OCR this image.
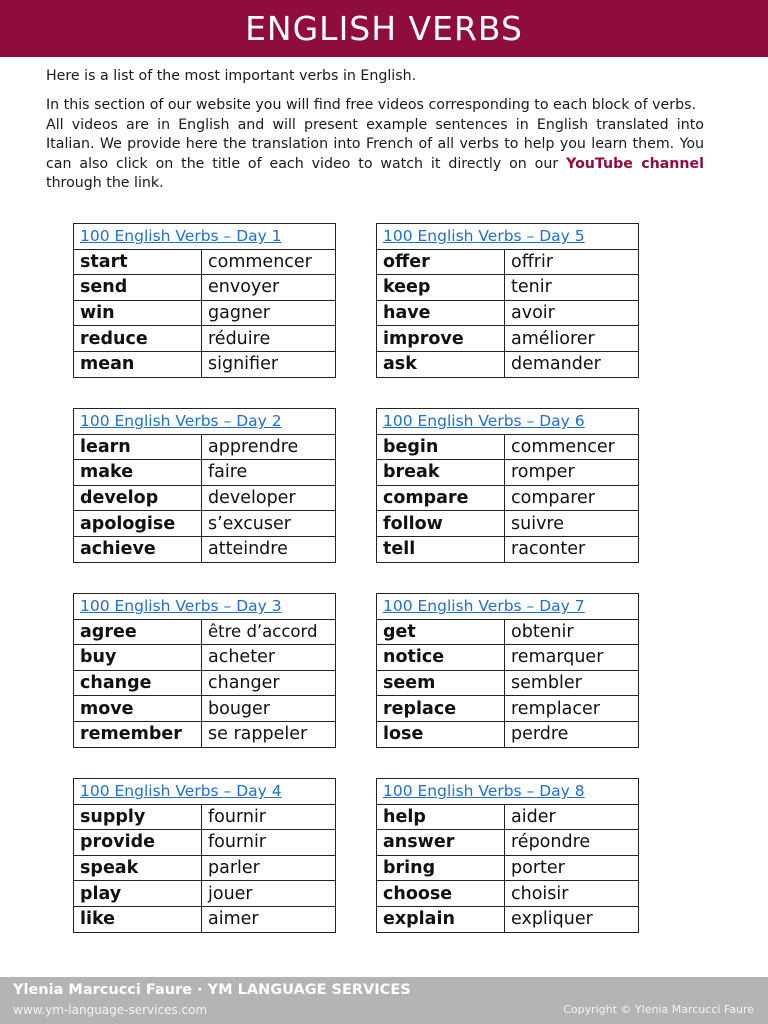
ENGLISH VERBS

Here is a list of the most important verbs in English.

In this section of our website you will find free videos corresponding to each block of verbs.
All videos are in English and will present example sentences in English translated into Italian. We provide here the translation into French of all verbs to help you learn them. You can also click on the title of each video to watch it directly on our YouTube channel through the link.

100 English Verbs – Day 1	
start	commencer
send	envoyer
win	gagner
reduce	réduire
mean	signifier
100 English Verbs – Day 2	
learn	apprendre
make	faire
develop	developer
apologise	s’excuser
achieve	atteindre
100 English Verbs – Day 3	
agree	être d’accord
buy	acheter
change	changer
move	bouger
remember	se rappeler
100 English Verbs – Day 4	
supply	fournir
provide	fournir
speak	parler
play	jouer
like	aimer
100 English Verbs – Day 5	
offer	offrir
keep	tenir
have	avoir
improve	améliorer
ask	demander
100 English Verbs – Day 6	
begin	commencer
break	romper
compare	comparer
follow	suivre
tell	raconter
100 English Verbs – Day 7	
get	obtenir
notice	remarquer
seem	sembler
replace	remplacer
lose	perdre
100 English Verbs – Day 8	
help	aider
answer	répondre
bring	porter
choose	choisir
explain	expliquer
Ylenia Marcucci Faure · YM LANGUAGE SERVICES
www.ym-language-services.com	Copyright © Ylenia Marcucci Faure
